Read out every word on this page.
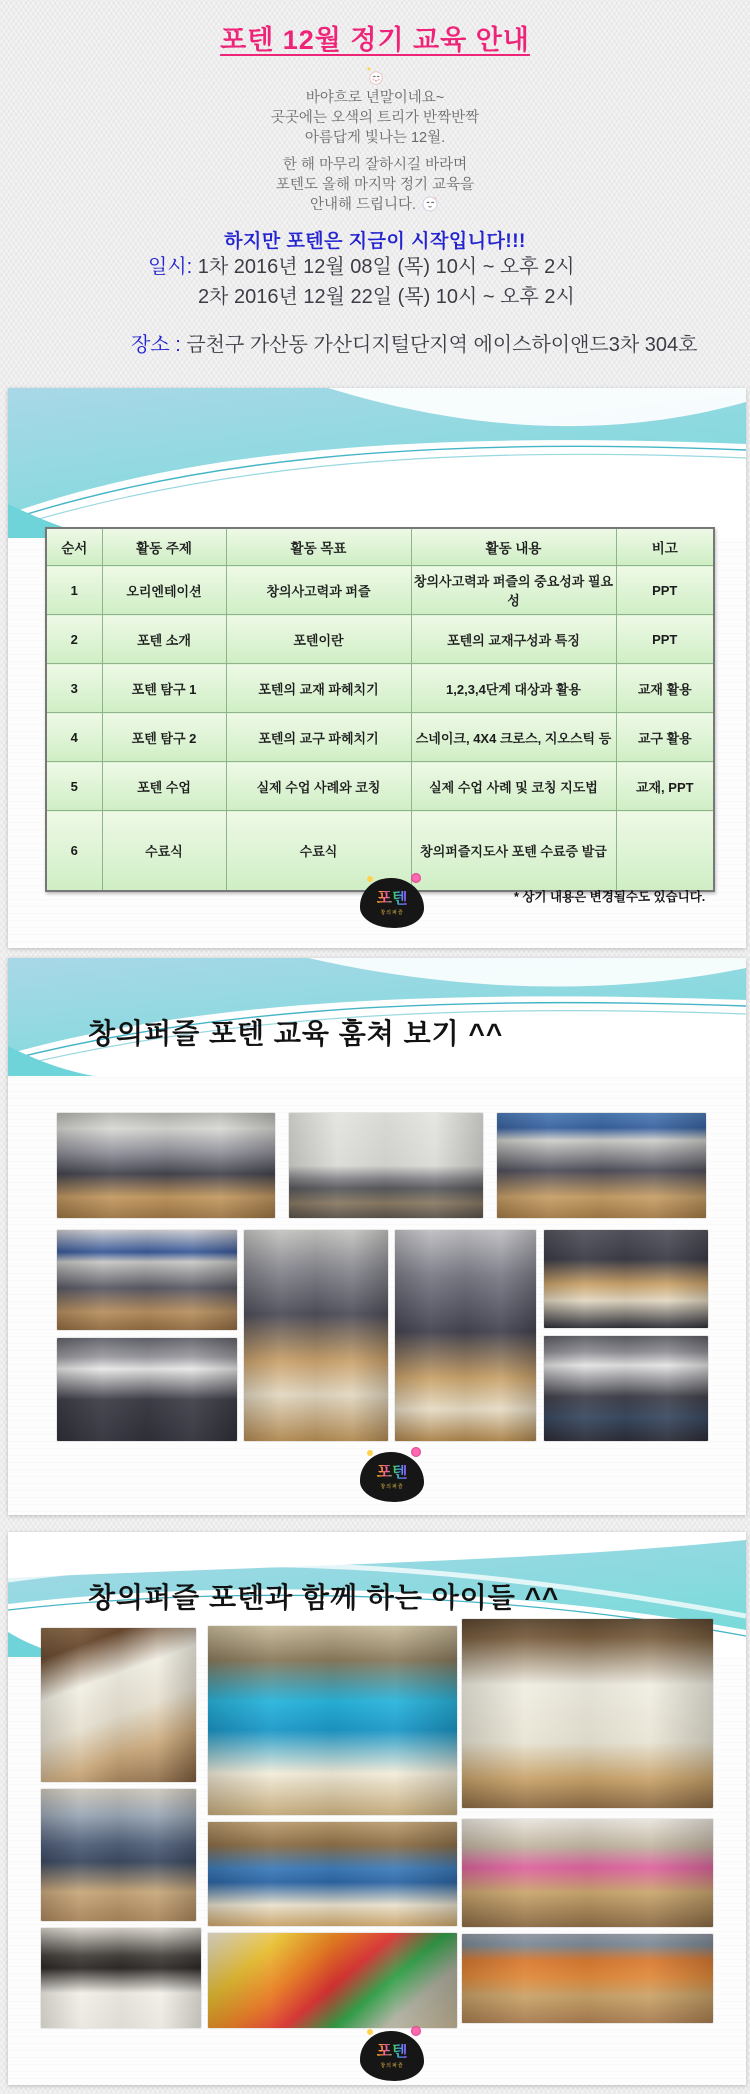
포텐 12월 정기 교육 안내
바야흐로 년말이네요~
곳곳에는 오색의 트리가 반짝반짝
아름답게 빛나는 12월.
한 해 마무리 잘하시길 바라며
포텐도 올해 마지막 정기 교육을
안내해 드립니다.
하지만 포텐은 지금이 시작입니다!!!
일시: 1차 2016년 12월 08일 (목) 10시 ~ 오후 2시
2차 2016년 12월 22일 (목) 10시 ~ 오후 2시
장소 : 금천구 가산동 가산디지털단지역 에이스하이앤드3차 304호
순서	활동 주제	활동 목표	활동 내용	비고
1	오리엔테이션	창의사고력과 퍼즐	창의사고력과 퍼즐의 중요성과 필요성	PPT
2	포텐 소개	포텐이란	포텐의 교재구성과 특징	PPT
3	포텐 탐구 1	포텐의 교재 파헤치기	1,2,3,4단계 대상과 활용	교재 활용
4	포텐 탐구 2	포텐의 교구 파헤치기	스네이크, 4X4 크로스, 지오스틱 등	교구 활용
5	포텐 수업	실제 수업 사례와 코칭	실제 수업 사례 및 코칭 지도법	교재, PPT
6	수료식	수료식	창의퍼즐지도사 포텐 수료증 발급	
포텐
창의퍼즐
* 상기 내용은 변경될수도 있습니다.
창의퍼즐 포텐 교육 훔쳐 보기 ^^
포텐
창의퍼즐
창의퍼즐 포텐과 함께 하는 아이들 ^^
포텐
창의퍼즐
